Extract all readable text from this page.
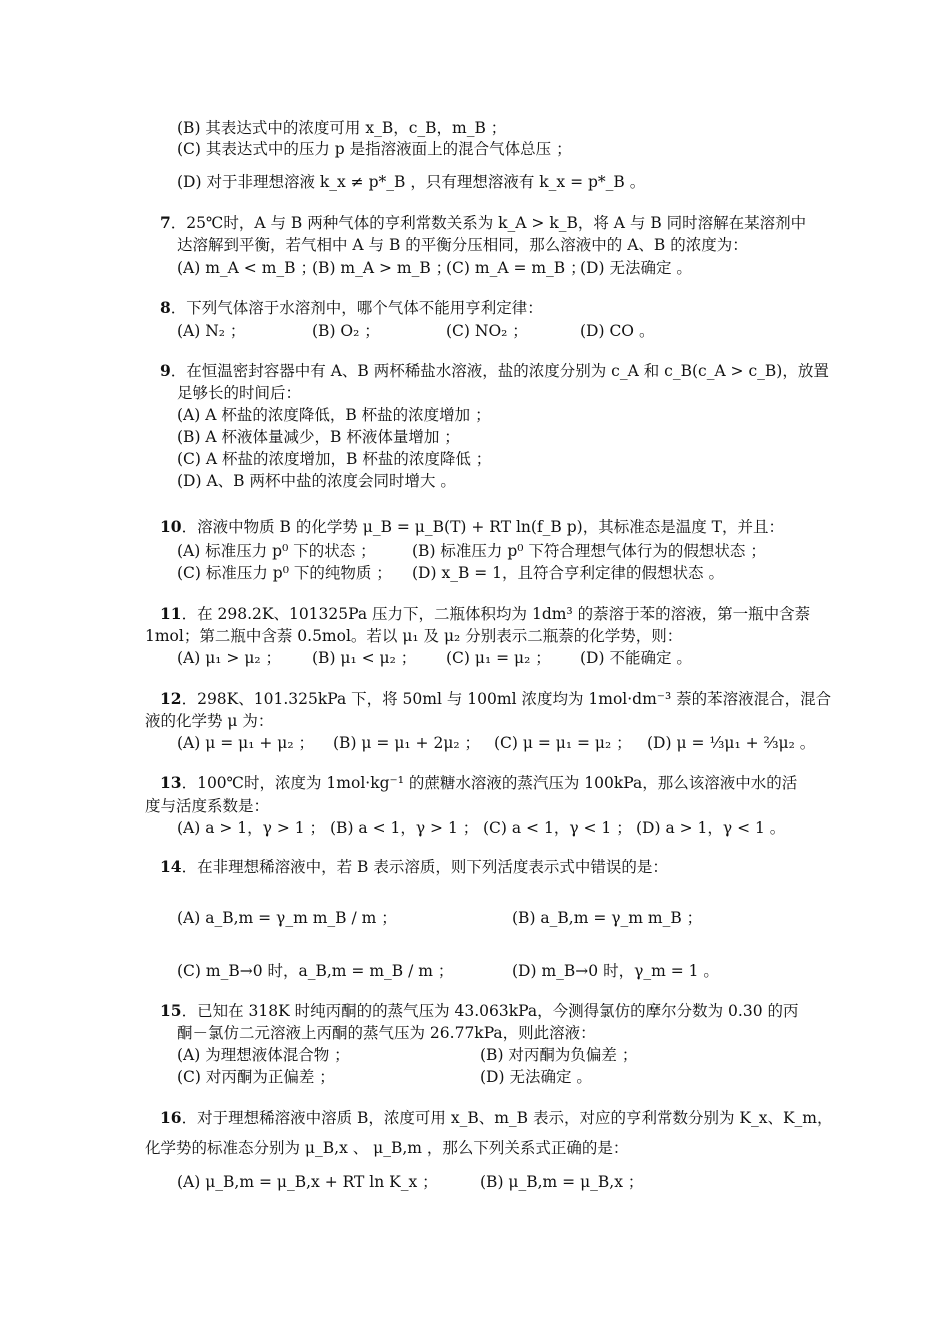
(B) 其表达式中的浓度可用 x_B，c_B，m_B ；
(C) 其表达式中的压力 p 是指溶液面上的混合气体总压 ；
(D) 对于非理想溶液 k_x ≠ p*_B ，只有理想溶液有 k_x = p*_B 。
7．25℃时，A 与 B 两种气体的亨利常数关系为 k_A > k_B，将 A 与 B 同时溶解在某溶剂中
达溶解到平衡，若气相中 A 与 B 的平衡分压相同，那么溶液中的 A、B 的浓度为：
(A) m_A < m_B ；
(B) m_A > m_B ；
(C) m_A = m_B ；
(D) 无法确定 。
8．下列气体溶于水溶剂中，哪个气体不能用亨利定律：
(A) N₂ ；	(B) O₂ ；	(C) NO₂ ；	(D) CO 。
9．在恒温密封容器中有 A、B 两杯稀盐水溶液，盐的浓度分别为 c_A 和 c_B(c_A > c_B)，放置
足够长的时间后：
(A) A 杯盐的浓度降低，B 杯盐的浓度增加 ；
(B) A 杯液体量减少，B 杯液体量增加 ；
(C) A 杯盐的浓度增加，B 杯盐的浓度降低 ；
(D) A、B 两杯中盐的浓度会同时增大 。
10．溶液中物质 B 的化学势 μ_B = μ_B(T) + RT ln(f_B p)，其标准态是温度 T，并且：
(A) 标准压力 p⁰ 下的状态 ； (B) 标准压力 p⁰ 下符合理想气体行为的假想状态 ；
(C) 标准压力 p⁰ 下的纯物质 ； (D) x_B = 1，且符合亨利定律的假想状态 。
11．在 298.2K、101325Pa 压力下，二瓶体积均为 1dm³ 的萘溶于苯的溶液，第一瓶中含萘
1mol；第二瓶中含萘 0.5mol。若以 μ₁ 及 μ₂ 分别表示二瓶萘的化学势，则：
(A) μ₁ > μ₂ ； (B) μ₁ < μ₂ ； (C) μ₁ = μ₂ ； (D) 不能确定 。
12．298K、101.325kPa 下，将 50ml 与 100ml 浓度均为 1mol·dm⁻³ 萘的苯溶液混合，混合
液的化学势 μ 为：
(A) μ = μ₁ + μ₂ ； (B) μ = μ₁ + 2μ₂ ； (C) μ = μ₁ = μ₂ ； (D) μ = ⅓μ₁ + ⅔μ₂ 。
13．100℃时，浓度为 1mol·kg⁻¹ 的蔗糖水溶液的蒸汽压为 100kPa，那么该溶液中水的活
度与活度系数是：
(A) a > 1，γ > 1 ； (B) a < 1，γ > 1 ； (C) a < 1，γ < 1 ； (D) a > 1，γ < 1 。
14．在非理想稀溶液中，若 B 表示溶质，则下列活度表示式中错误的是：
(A) a_B,m = γ_m m_B / m ；	(B) a_B,m = γ_m m_B ；
(C) m_B→0 时，a_B,m = m_B / m ；	(D) m_B→0 时，γ_m = 1 。
15．已知在 318K 时纯丙酮的的蒸气压为 43.063kPa，今测得氯仿的摩尔分数为 0.30 的丙
酮－氯仿二元溶液上丙酮的蒸气压为 26.77kPa，则此溶液：
(A) 为理想液体混合物 ；	(B) 对丙酮为负偏差 ；
(C) 对丙酮为正偏差 ；	(D) 无法确定 。
16．对于理想稀溶液中溶质 B，浓度可用 x_B、m_B 表示，对应的亨利常数分别为 K_x、K_m，
化学势的标准态分别为 μ_B,x 、 μ_B,m ，那么下列关系式正确的是：
(A) μ_B,m = μ_B,x + RT ln K_x ；	(B) μ_B,m = μ_B,x ；
